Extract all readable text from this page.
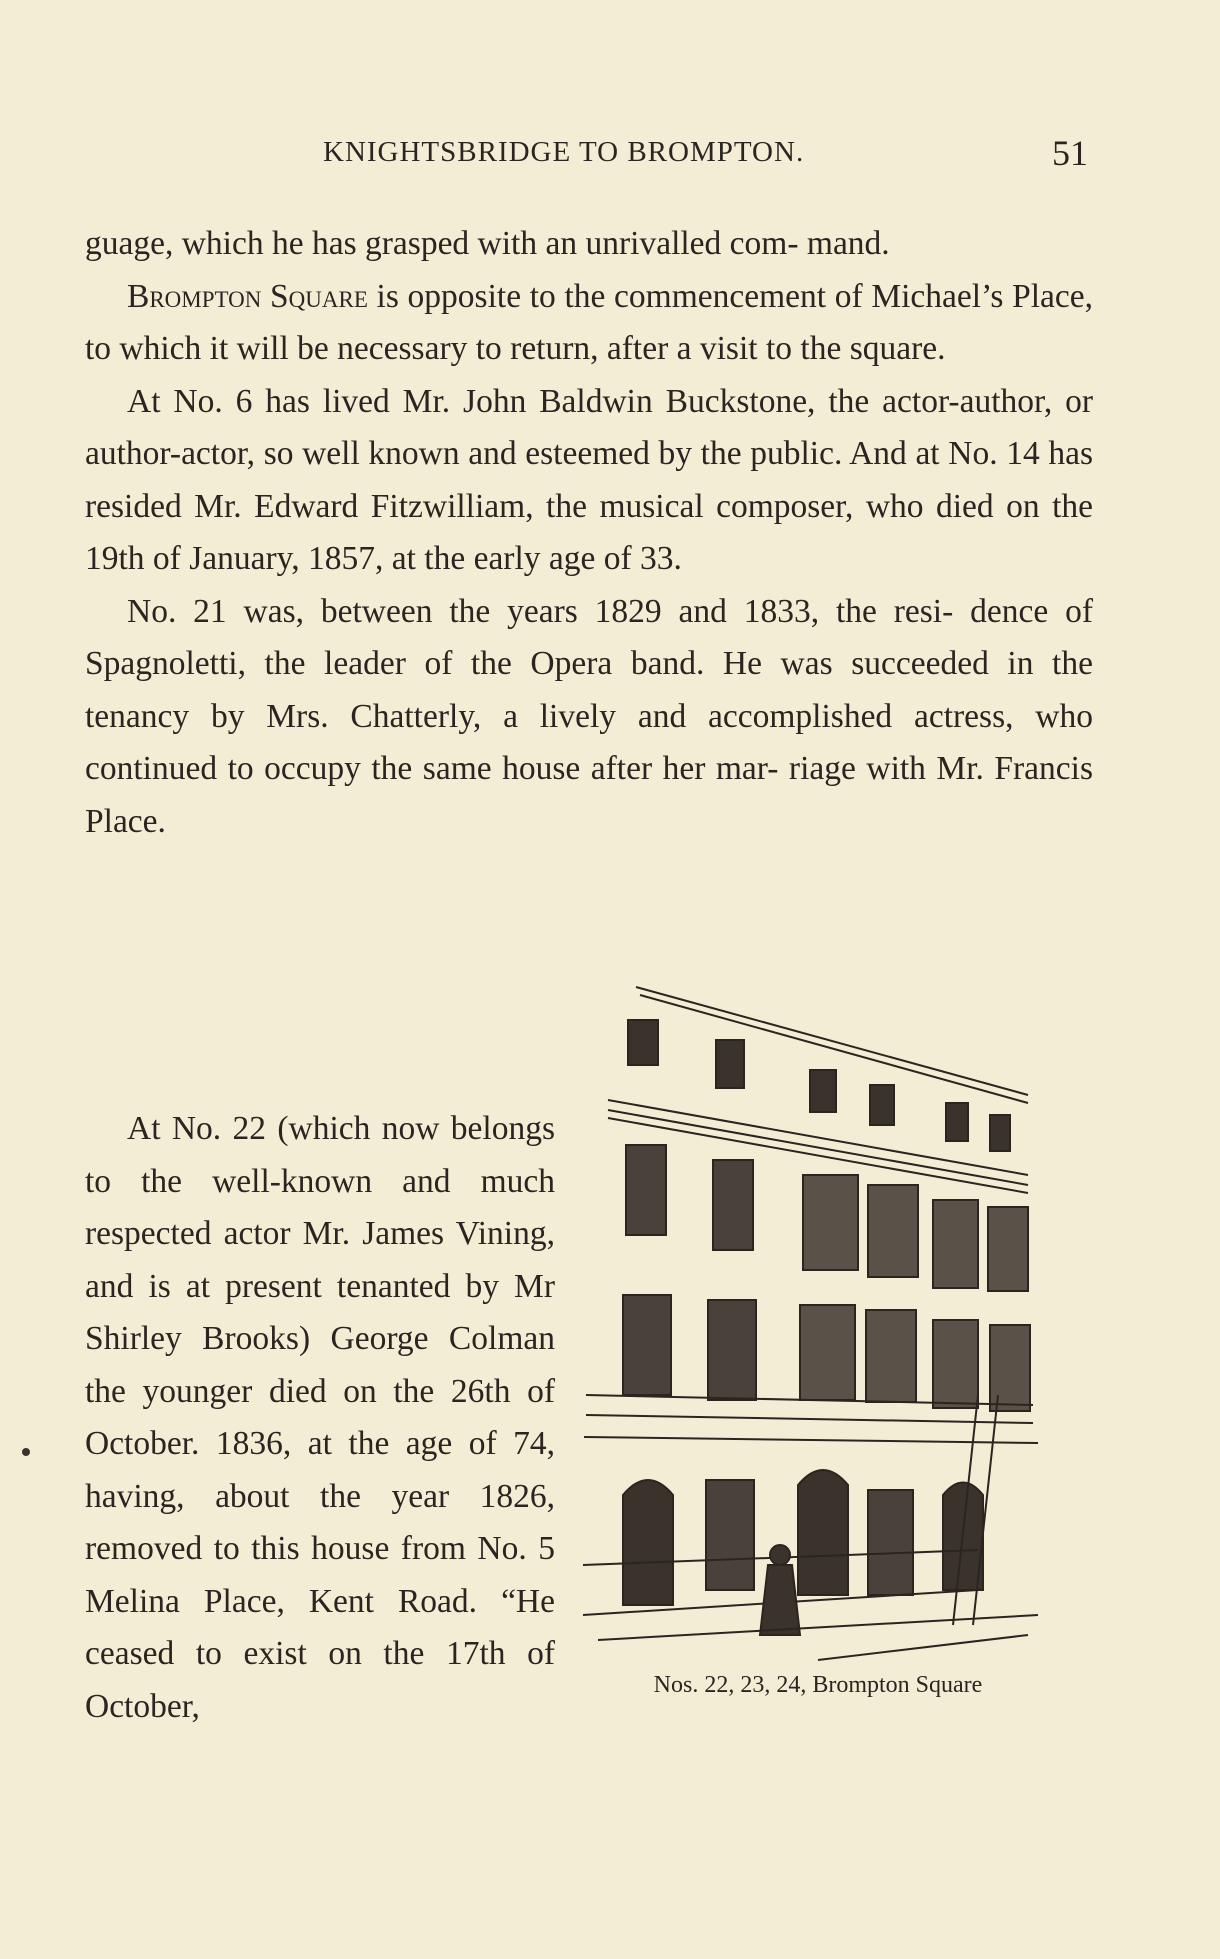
KNIGHTSBRIDGE TO BROMPTON.	51

guage, which he has grasped with an unrivalled com- mand.

Brompton Square is opposite to the commencement of Michael’s Place, to which it will be necessary to return, after a visit to the square.

At No. 6 has lived Mr. John Baldwin Buckstone, the actor-author, or author-actor, so well known and esteemed by the public. And at No. 14 has resided Mr. Edward Fitzwilliam, the musical composer, who died on the 19th of January, 1857, at the early age of 33.

No. 21 was, between the years 1829 and 1833, the resi- dence of Spagnoletti, the leader of the Opera band. He was succeeded in the tenancy by Mrs. Chatterly, a lively and accomplished actress, who continued to occupy the same house after her mar- riage with Mr. Francis Place.

Nos. 22, 23, 24, Brompton Square

At No. 22 (which now belongs to the well-known and much respected actor Mr. James Vining, and is at present tenanted by Mr Shirley Brooks) George Colman the younger died on the 26th of October. 1836, at the age of 74, having, about the year 1826, removed to this house from No. 5 Melina Place, Kent Road. “He ceased to exist on the 17th of October,
